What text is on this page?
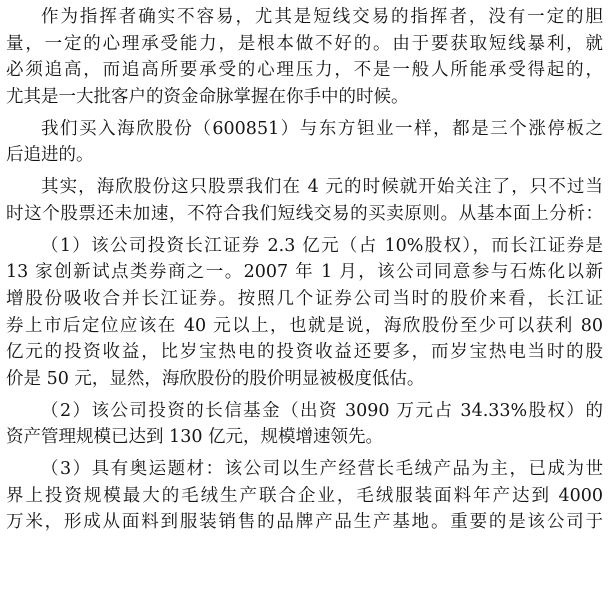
作为指挥者确实不容易，尤其是短线交易的指挥者，没有一定的胆
量，一定的心理承受能力，是根本做不好的。由于要获取短线暴利，就
必须追高，而追高所要承受的心理压力，不是一般人所能承受得起的，
尤其是一大批客户的资金命脉掌握在你手中的时候。
我们买入海欣股份（600851）与东方钽业一样，都是三个涨停板之
后追进的。
其实，海欣股份这只股票我们在 4 元的时候就开始关注了，只不过当
时这个股票还未加速，不符合我们短线交易的买卖原则。从基本面上分析：
（1）该公司投资长江证券 2.3 亿元（占 10%股权），而长江证券是
13 家创新试点类券商之一。2007 年 1 月，该公司同意参与石炼化以新
增股份吸收合并长江证券。按照几个证券公司当时的股价来看，长江证
券上市后定位应该在 40 元以上，也就是说，海欣股份至少可以获利 80
亿元的投资收益，比岁宝热电的投资收益还要多，而岁宝热电当时的股
价是 50 元，显然，海欣股份的股价明显被极度低估。
（2）该公司投资的长信基金（出资 3090 万元占 34.33%股权）的
资产管理规模已达到 130 亿元，规模增速领先。
（3）具有奥运题材：该公司以生产经营长毛绒产品为主，已成为世
界上投资规模最大的毛绒生产联合企业，毛绒服装面料年产达到 4000
万米，形成从面料到服装销售的品牌产品生产基地。重要的是该公司于
